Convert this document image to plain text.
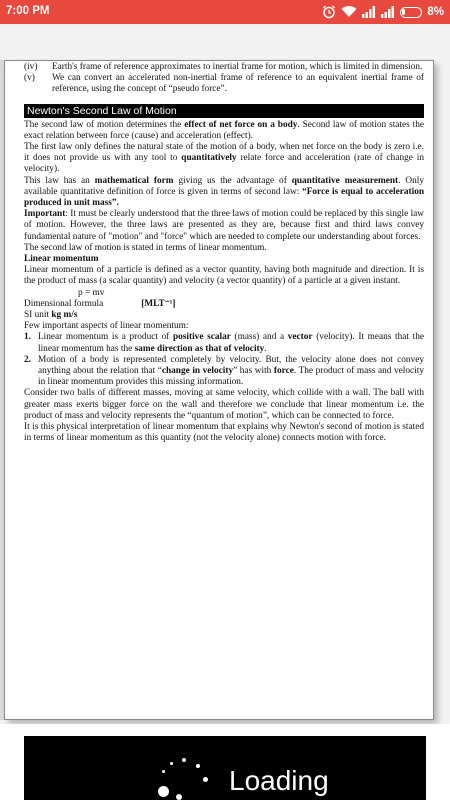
7:00 PM	8%
(iv) Earth's frame of reference approximates to inertial frame for motion, which is limited in dimension.
(v) We can convert an accelerated non-inertial frame of reference to an equivalent inertial frame of reference, using the concept of “pseudo force”.
Newton's Second Law of Motion
The second law of motion determines the effect of net force on a body. Second law of motion states the exact relation between force (cause) and acceleration (effect).
The first law only defines the natural state of the motion of a body, when net force on the body is zero i.e. it does not provide us with any tool to quantitatively relate force and acceleration (rate of change in velocity).
This law has an mathematical form giving us the advantage of quantitative measurement. Only available quantitative definition of force is given in terms of second law: “Force is equal to acceleration produced in unit mass”.
Important: It must be clearly understood that the three laws of motion could be replaced by this single law of motion. However, the three laws are presented as they are, because first and third laws convey fundamental nature of "motion" and "force" which are needed to complete our understanding about forces.
The second law of motion is stated in terms of linear momentum.
Linear momentum
Linear momentum of a particle is defined as a vector quantity, having both magnitude and direction. It is the product of mass (a scalar quantity) and velocity (a vector quantity) of a particle at a given instant.
p = mv
Dimensional formula	[MLT⁻¹]
SI unit kg m/s
Few important aspects of linear momentum:
1. Linear momentum is a product of positive scalar (mass) and a vector (velocity). It means that the linear momentum has the same direction as that of velocity.
2. Motion of a body is represented completely by velocity. But, the velocity alone does not convey anything about the relation that “change in velocity” has with force. The product of mass and velocity in linear momentum provides this missing information.
Consider two balls of different masses, moving at same velocity, which collide with a wall. The ball with greater mass exerts bigger force on the wall and therefore we conclude that linear momentum i.e. the product of mass and velocity represents the “quantum of motion”, which can be connected to force.
It is this physical interpretation of linear momentum that explains why Newton's second of motion is stated in terms of linear momentum as this quantity (not the velocity alone) connects motion with force.
Loading
